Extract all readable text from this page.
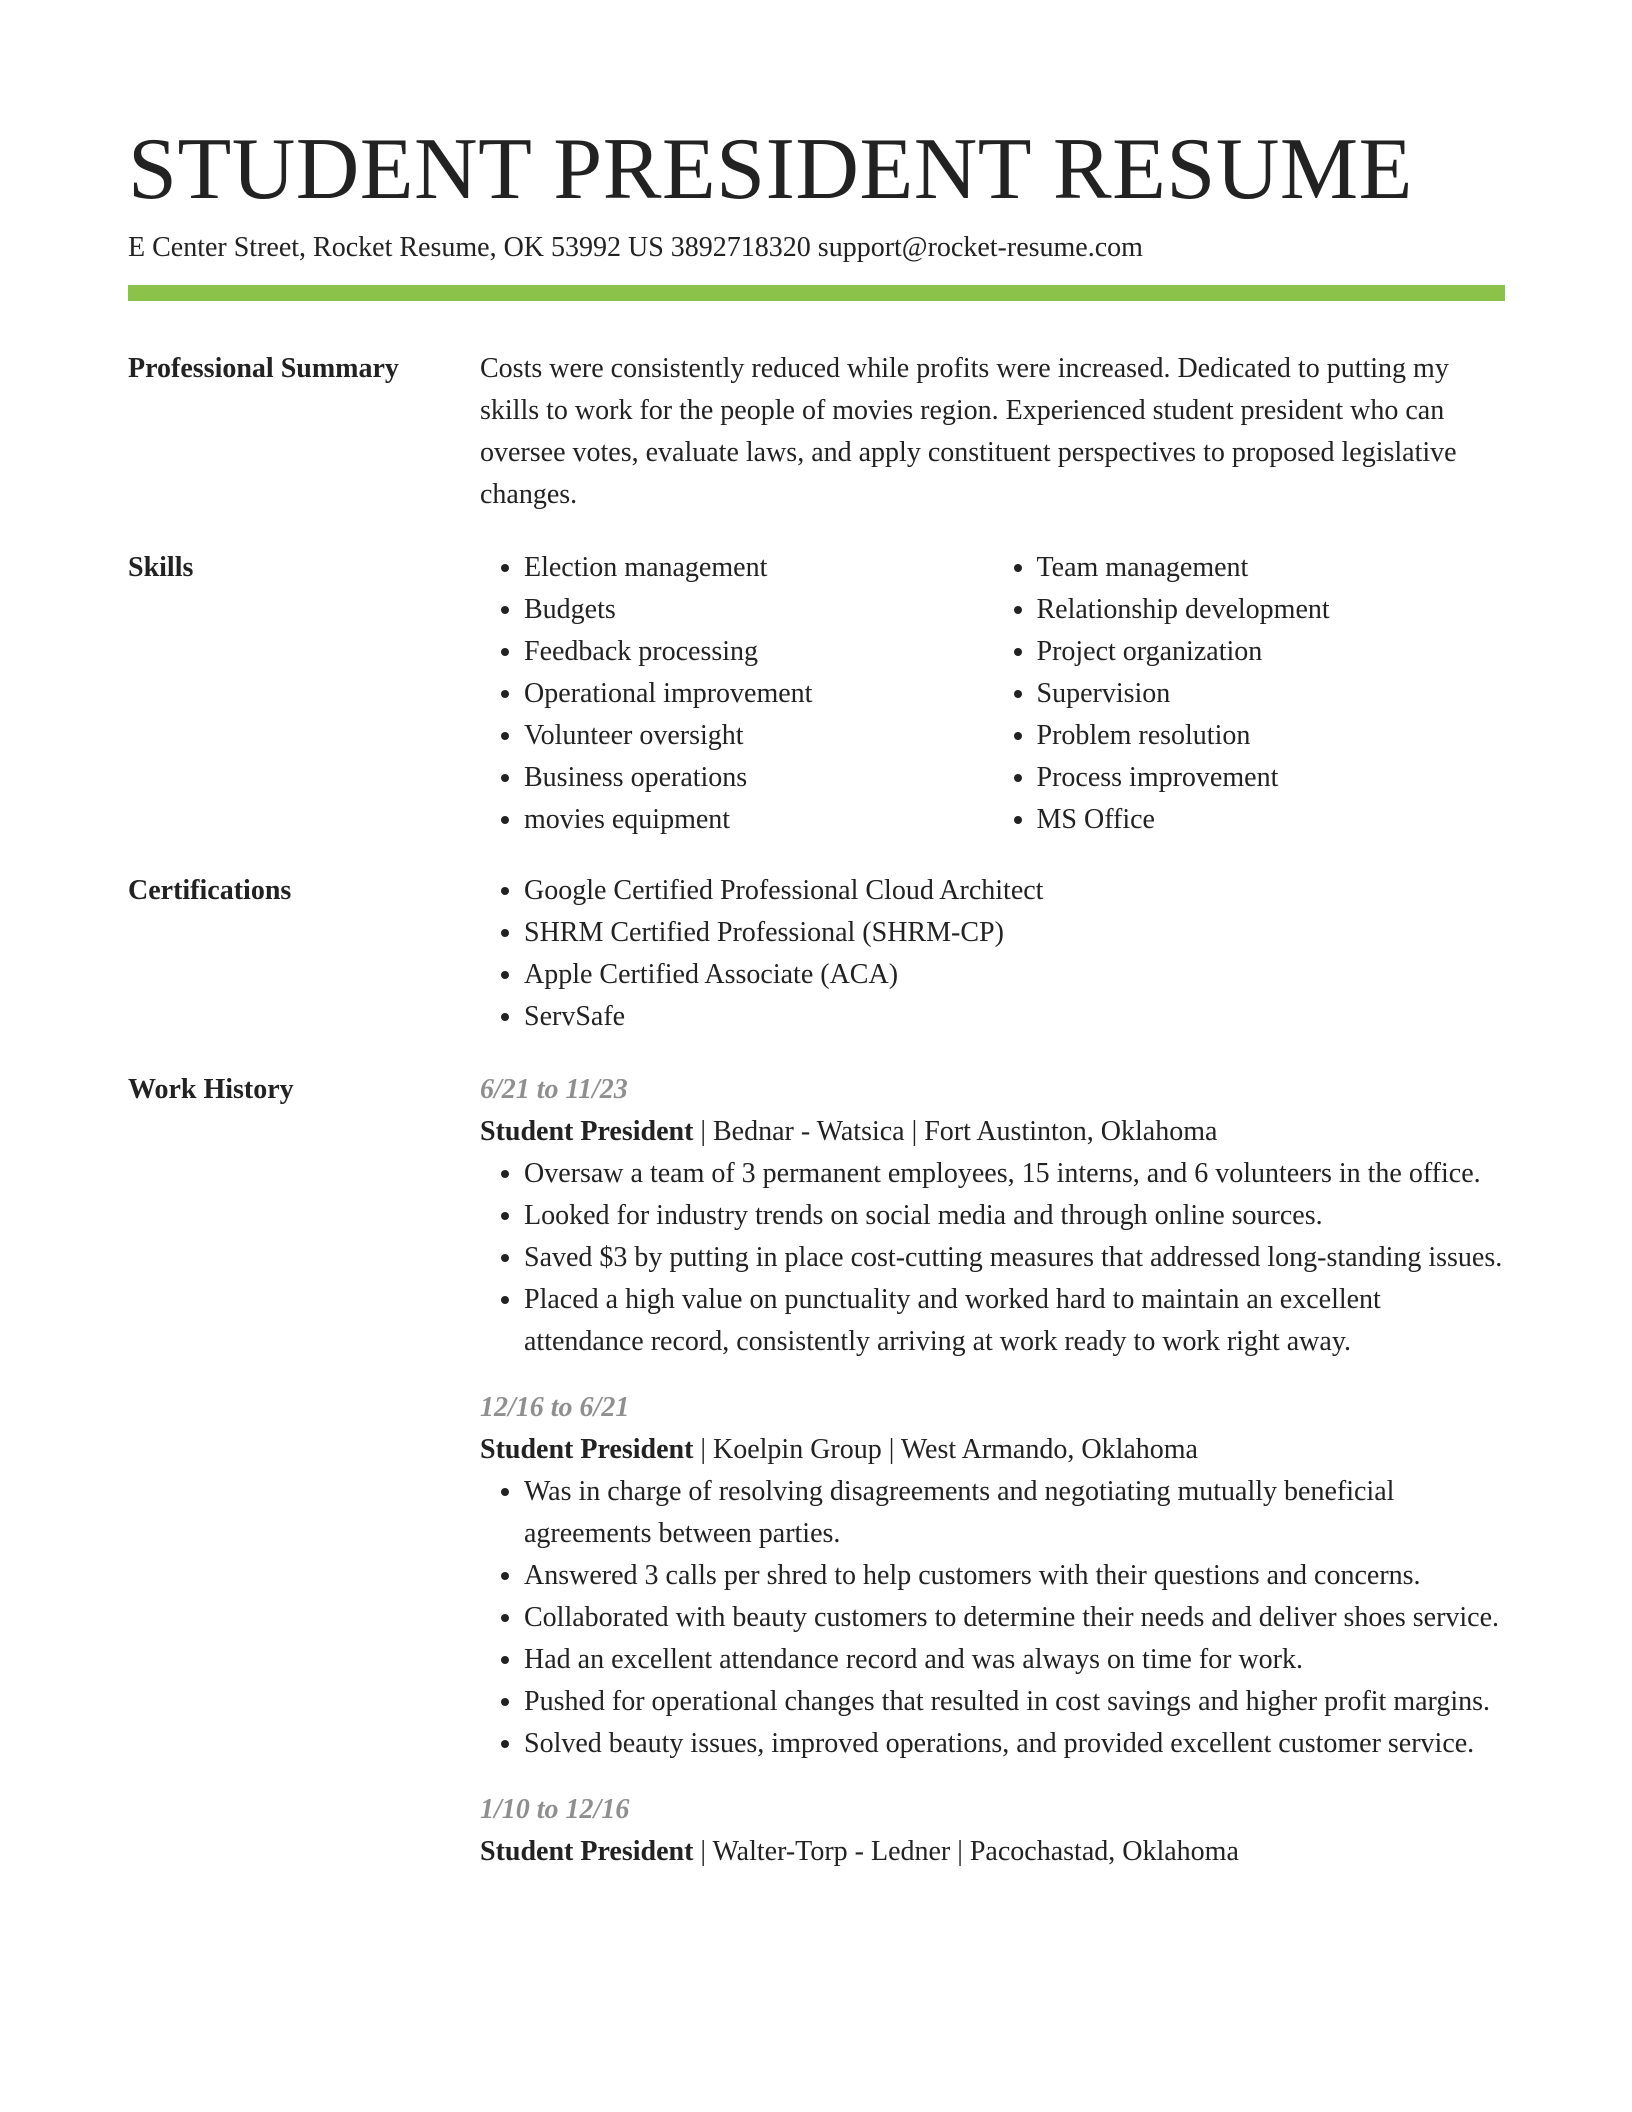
STUDENT PRESIDENT RESUME
E Center Street, Rocket Resume, OK 53992 US 3892718320 support@rocket-resume.com
Professional Summary	Costs were consistently reduced while profits were increased. Dedicated to putting my skills to work for the people of movies region. Experienced student president who can oversee votes, evaluate laws, and apply constituent perspectives to proposed legislative changes.

Skills	• Election management
• Budgets
• Feedback processing
• Operational improvement
• Volunteer oversight
• Business operations
• movies equipment
• Team management
• Relationship development
• Project organization
• Supervision
• Problem resolution
• Process improvement
• MS Office
Certifications	• Google Certified Professional Cloud Architect
• SHRM Certified Professional (SHRM-CP)
• Apple Certified Associate (ACA)
• ServSafe
Work History	6/21 to 11/23
Student President | Bednar - Watsica | Fort Austinton, Oklahoma
• Oversaw a team of 3 permanent employees, 15 interns, and 6 volunteers in the office.
• Looked for industry trends on social media and through online sources.
• Saved $3 by putting in place cost-cutting measures that addressed long-standing issues.
• Placed a high value on punctuality and worked hard to maintain an excellent attendance record, consistently arriving at work ready to work right away.
12/16 to 6/21
Student President | Koelpin Group | West Armando, Oklahoma
• Was in charge of resolving disagreements and negotiating mutually beneficial agreements between parties.
• Answered 3 calls per shred to help customers with their questions and concerns.
• Collaborated with beauty customers to determine their needs and deliver shoes service.
• Had an excellent attendance record and was always on time for work.
• Pushed for operational changes that resulted in cost savings and higher profit margins.
• Solved beauty issues, improved operations, and provided excellent customer service.
1/10 to 12/16
Student President | Walter-Torp - Ledner | Pacochastad, Oklahoma
